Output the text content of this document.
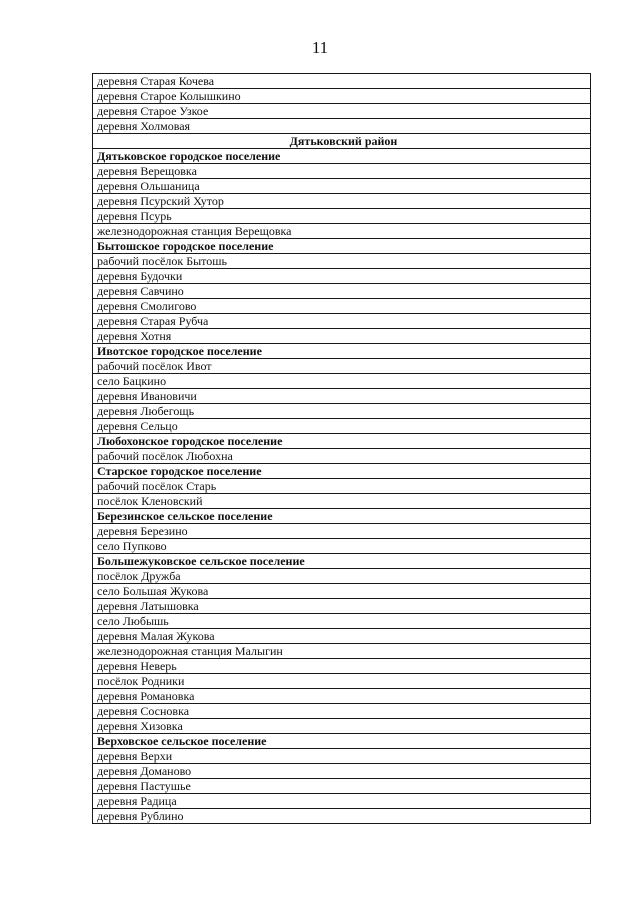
11
деревня Старая Кочева
деревня Старое Колышкино
деревня Старое Узкое
деревня Холмовая
Дятьковский район
Дятьковское городское поселение
деревня Верещовка
деревня Ольшаница
деревня Псурский Хутор
деревня Псурь
железнодорожная станция Верещовка
Бытошское городское поселение
рабочий посёлок Бытошь
деревня Будочки
деревня Савчино
деревня Смолигово
деревня Старая Рубча
деревня Хотня
Ивотское городское поселение
рабочий посёлок Ивот
село Бацкино
деревня Ивановичи
деревня Любегощь
деревня Сельцо
Любохонское городское поселение
рабочий посёлок Любохна
Старское городское поселение
рабочий посёлок Старь
посёлок Кленовский
Березинское сельское поселение
деревня Березино
село Пупково
Большежуковское сельское поселение
посёлок Дружба
село Большая Жукова
деревня Латышовка
село Любышь
деревня Малая Жукова
железнодорожная станция Малыгин
деревня Неверь
посёлок Родники
деревня Романовка
деревня Сосновка
деревня Хизовка
Верховское сельское поселение
деревня Верхи
деревня Доманово
деревня Пастушье
деревня Радица
деревня Рублино
